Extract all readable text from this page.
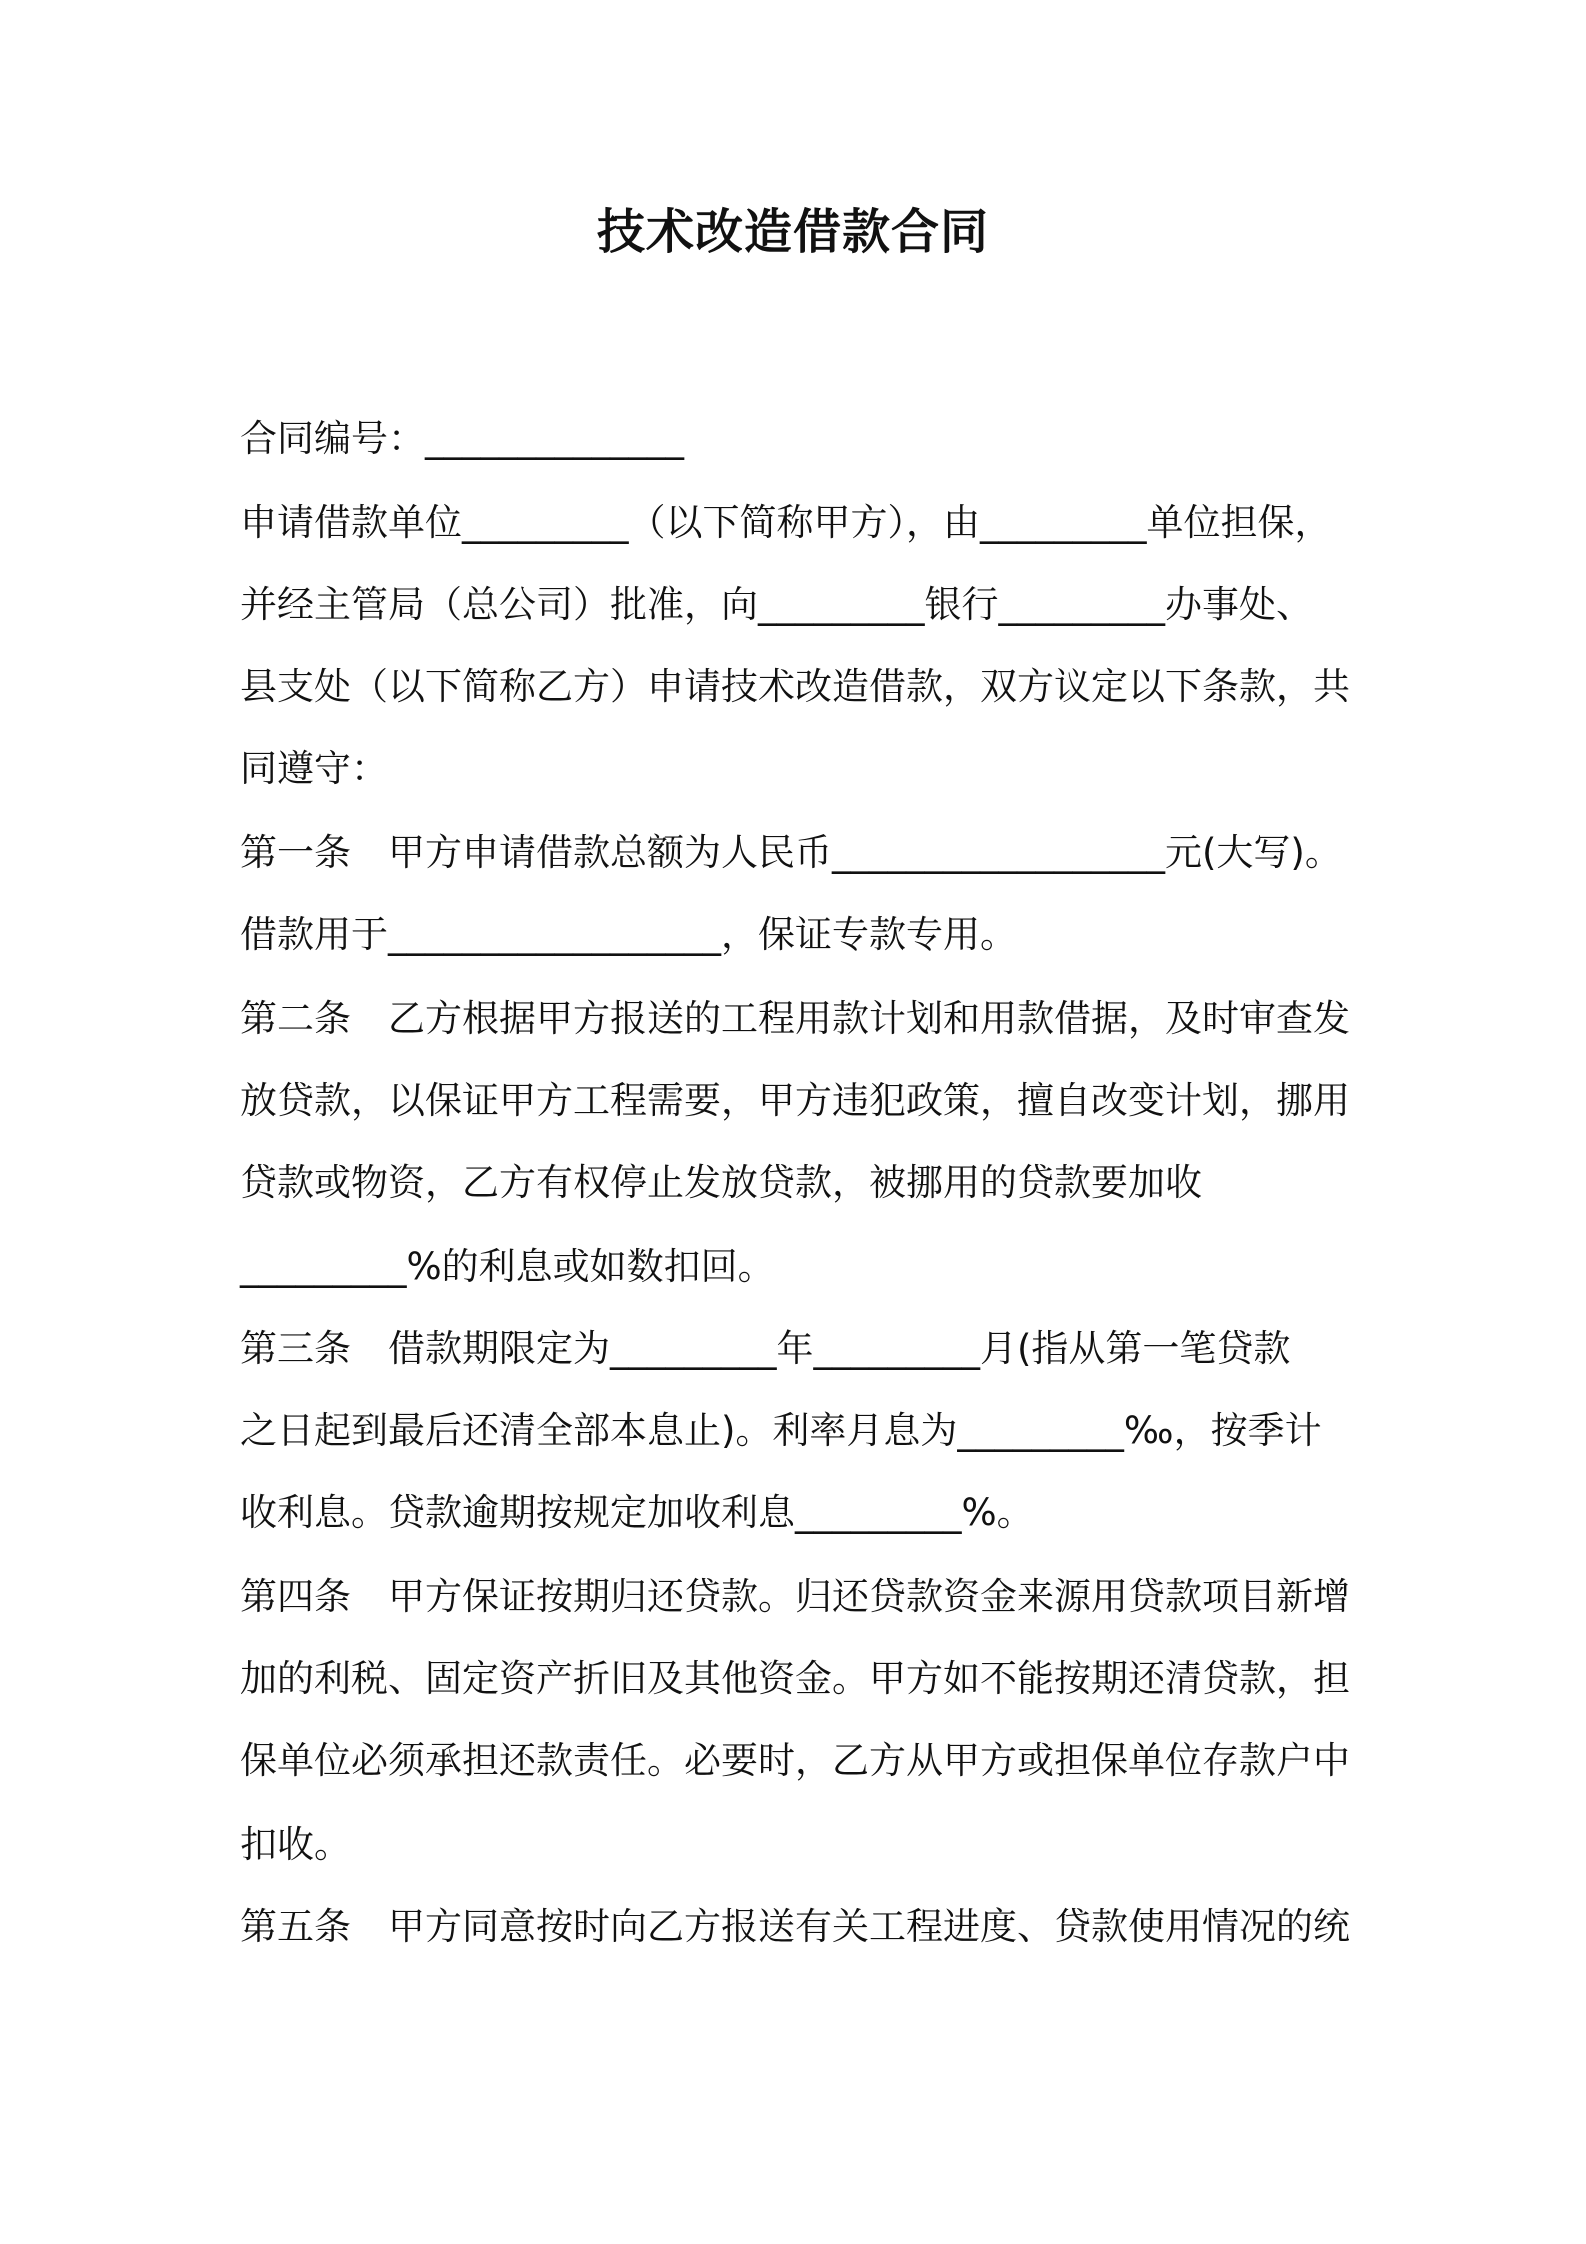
技术改造借款合同
合同编号：______________
申请借款单位_________（以下简称甲方），由_________单位担保，
并经主管局（总公司）批准，向_________银行_________办事处、
县支处（以下简称乙方）申请技术改造借款，双方议定以下条款，共
同遵守：
第一条　甲方申请借款总额为人民币__________________元(大写)。
借款用于__________________，保证专款专用。
第二条　乙方根据甲方报送的工程用款计划和用款借据，及时审查发
放贷款，以保证甲方工程需要，甲方违犯政策，擅自改变计划，挪用
贷款或物资，乙方有权停止发放贷款，被挪用的贷款要加收
_________%的利息或如数扣回。
第三条　借款期限定为_________年_________月(指从第一笔贷款
之日起到最后还清全部本息止)。利率月息为_________‰，按季计
收利息。贷款逾期按规定加收利息_________%。
第四条　甲方保证按期归还贷款。归还贷款资金来源用贷款项目新增
加的利税、固定资产折旧及其他资金。甲方如不能按期还清贷款，担
保单位必须承担还款责任。必要时，乙方从甲方或担保单位存款户中
扣收。
第五条　甲方同意按时向乙方报送有关工程进度、贷款使用情况的统
